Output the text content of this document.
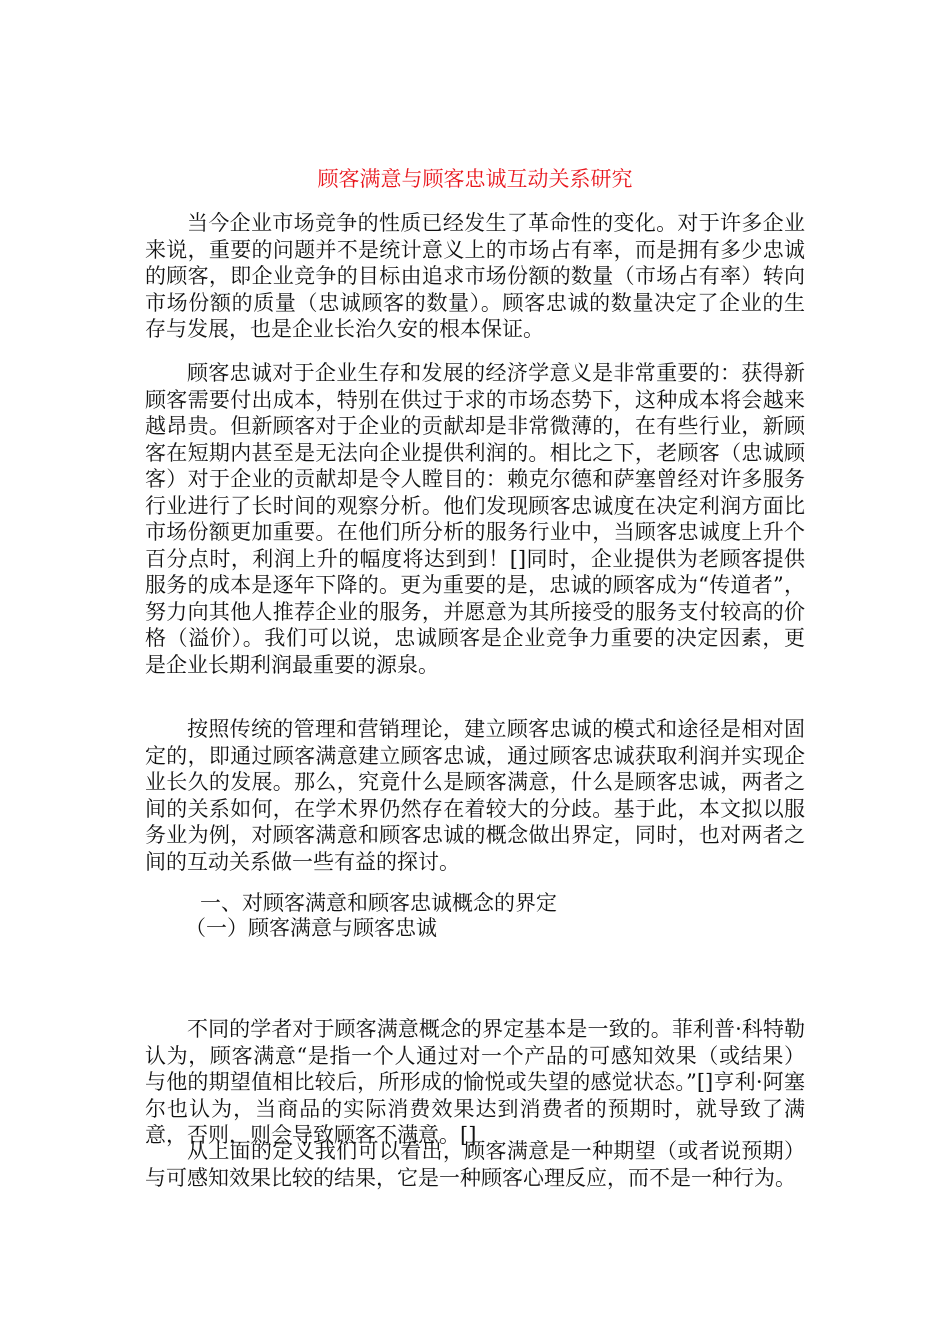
顾客满意与顾客忠诚互动关系研究

当今企业市场竞争的性质已经发生了革命性的变化。对于许多企业来说，重要的问题并不是统计意义上的市场占有率，而是拥有多少忠诚的顾客，即企业竞争的目标由追求市场份额的数量（市场占有率）转向市场份额的质量（忠诚顾客的数量）。顾客忠诚的数量决定了企业的生存与发展，也是企业长治久安的根本保证。

顾客忠诚对于企业生存和发展的经济学意义是非常重要的：获得新顾客需要付出成本，特别在供过于求的市场态势下，这种成本将会越来越昂贵。但新顾客对于企业的贡献却是非常微薄的，在有些行业，新顾客在短期内甚至是无法向企业提供利润的。相比之下，老顾客（忠诚顾客）对于企业的贡献却是令人瞠目的：赖克尔德和萨塞曾经对许多服务行业进行了长时间的观察分析。他们发现顾客忠诚度在决定利润方面比市场份额更加重要。在他们所分析的服务行业中，当顾客忠诚度上升个百分点时，利润上升的幅度将达到到！[]同时，企业提供为老顾客提供服务的成本是逐年下降的。更为重要的是，忠诚的顾客成为“传道者”，努力向其他人推荐企业的服务，并愿意为其所接受的服务支付较高的价格（溢价）。我们可以说，忠诚顾客是企业竞争力重要的决定因素，更是企业长期利润最重要的源泉。

按照传统的管理和营销理论，建立顾客忠诚的模式和途径是相对固定的，即通过顾客满意建立顾客忠诚，通过顾客忠诚获取利润并实现企业长久的发展。那么，究竟什么是顾客满意，什么是顾客忠诚，两者之间的关系如何，在学术界仍然存在着较大的分歧。基于此，本文拟以服务业为例，对顾客满意和顾客忠诚的概念做出界定，同时，也对两者之间的互动关系做一些有益的探讨。

一、对顾客满意和顾客忠诚概念的界定
（一）顾客满意与顾客忠诚

不同的学者对于顾客满意概念的界定基本是一致的。菲利普·科特勒认为，顾客满意“是指一个人通过对一个产品的可感知效果（或结果）与他的期望值相比较后，所形成的愉悦或失望的感觉状态。”[]亨利·阿塞尔也认为，当商品的实际消费效果达到消费者的预期时，就导致了满意，否则，则会导致顾客不满意。[]

从上面的定义我们可以看出，顾客满意是一种期望（或者说预期）与可感知效果比较的结果，它是一种顾客心理反应，而不是一种行为。
